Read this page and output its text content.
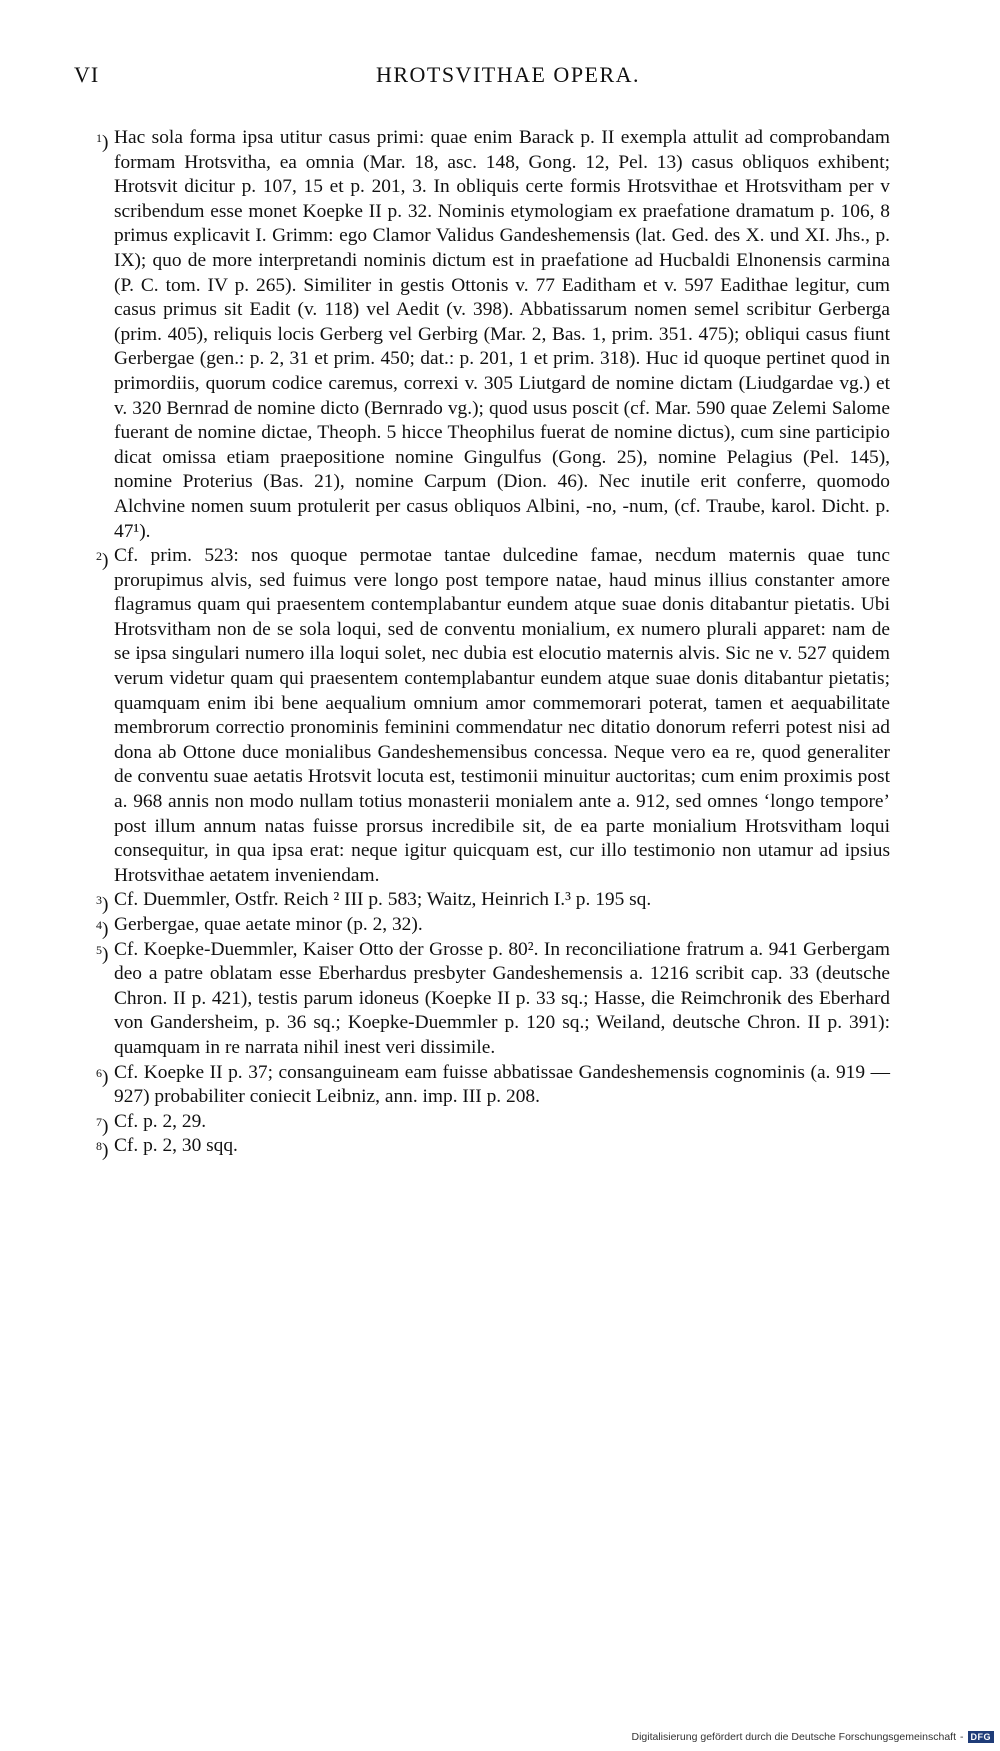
VI	HROTSVITHAE OPERA.
$^1$) Hac sola forma ipsa utitur casus primi: quae enim Barack p. II exempla attulit ad comprobandam formam Hrotsvitha, ea omnia (Mar. 18, asc. 148, Gong. 12, Pel. 13) casus obliquos exhibent; Hrotsvit dicitur p. 107, 15 et p. 201, 3. In obliquis certe formis Hrotsvithae et Hrotsvitham per v scribendum esse monet Koepke II p. 32. Nominis etymologiam ex praefatione dramatum p. 106, 8 primus explicavit I. Grimm: ego Clamor Validus Gandeshemensis (lat. Ged. des X. und XI. Jhs., p. IX); quo de more interpretandi nominis dictum est in praefatione ad Hucbaldi Elnonensis carmina (P. C. tom. IV p. 265). Similiter in gestis Ottonis v. 77 Eaditham et v. 597 Eadithae legitur, cum casus primus sit Eadit (v. 118) vel Aedit (v. 398). Abbatissarum nomen semel scribitur Gerberga (prim. 405), reliquis locis Gerberg vel Gerbirg (Mar. 2, Bas. 1, prim. 351. 475); obliqui casus fiunt Gerbergae (gen.: p. 2, 31 et prim. 450; dat.: p. 201, 1 et prim. 318). Huc id quoque pertinet quod in primordiis, quorum codice caremus, correxi v. 305 Liutgard de nomine dictam (Liudgardae vg.) et v. 320 Bernrad de nomine dicto (Bernrado vg.); quod usus poscit (cf. Mar. 590 quae Zelemi Salome fuerant de nomine dictae, Theoph. 5 hicce Theophilus fuerat de nomine dictus), cum sine participio dicat omissa etiam praepositione nomine Gingulfus (Gong. 25), nomine Pelagius (Pel. 145), nomine Proterius (Bas. 21), nomine Carpum (Dion. 46). Nec inutile erit conferre, quomodo Alchvine nomen suum protulerit per casus obliquos Albini, -no, -num, (cf. Traube, karol. Dicht. p. 47¹).
$^2$) Cf. prim. 523: nos quoque permotae tantae dulcedine famae, necdum maternis quae tunc prorupimus alvis, sed fuimus vere longo post tempore natae, haud minus illius constanter amore flagramus quam qui praesentem contemplabantur eundem atque suae donis ditabantur pietatis. Ubi Hrotsvitham non de se sola loqui, sed de conventu monialium, ex numero plurali apparet: nam de se ipsa singulari numero illa loqui solet, nec dubia est elocutio maternis alvis. Sic ne v. 527 quidem verum videtur quam qui praesentem contemplabantur eundem atque suae donis ditabantur pietatis; quamquam enim ibi bene aequalium omnium amor commemorari poterat, tamen et aequabilitate membrorum correctio pronominis feminini commendatur nec ditatio donorum referri potest nisi ad dona ab Ottone duce monialibus Gandeshemensibus concessa. Neque vero ea re, quod generaliter de conventu suae aetatis Hrotsvit locuta est, testimonii minuitur auctoritas; cum enim proximis post a. 968 annis non modo nullam totius monasterii monialem ante a. 912, sed omnes ‘longo tempore’ post illum annum natas fuisse prorsus incredibile sit, de ea parte monialium Hrotsvitham loqui consequitur, in qua ipsa erat: neque igitur quicquam est, cur illo testimonio non utamur ad ipsius Hrotsvithae aetatem inveniendam.
$^3$) Cf. Duemmler, Ostfr. Reich ² III p. 583; Waitz, Heinrich I.³ p. 195 sq.
$^4$) Gerbergae, quae aetate minor (p. 2, 32).
$^5$) Cf. Koepke-Duemmler, Kaiser Otto der Grosse p. 80². In reconciliatione fratrum a. 941 Gerbergam deo a patre oblatam esse Eberhardus presbyter Gandeshemensis a. 1216 scribit cap. 33 (deutsche Chron. II p. 421), testis parum idoneus (Koepke II p. 33 sq.; Hasse, die Reimchronik des Eberhard von Gandersheim, p. 36 sq.; Koepke-Duemmler p. 120 sq.; Weiland, deutsche Chron. II p. 391): quamquam in re narrata nihil inest veri dissimile.
$^6$) Cf. Koepke II p. 37; consanguineam eam fuisse abbatissae Gandeshemensis cognominis (a. 919 — 927) probabiliter coniecit Leibniz, ann. imp. III p. 208.
$^7$) Cf. p. 2, 29.
$^8$) Cf. p. 2, 30 sqq.
Digitalisierung gefördert durch die Deutsche Forschungsgemeinschaft - DFG
